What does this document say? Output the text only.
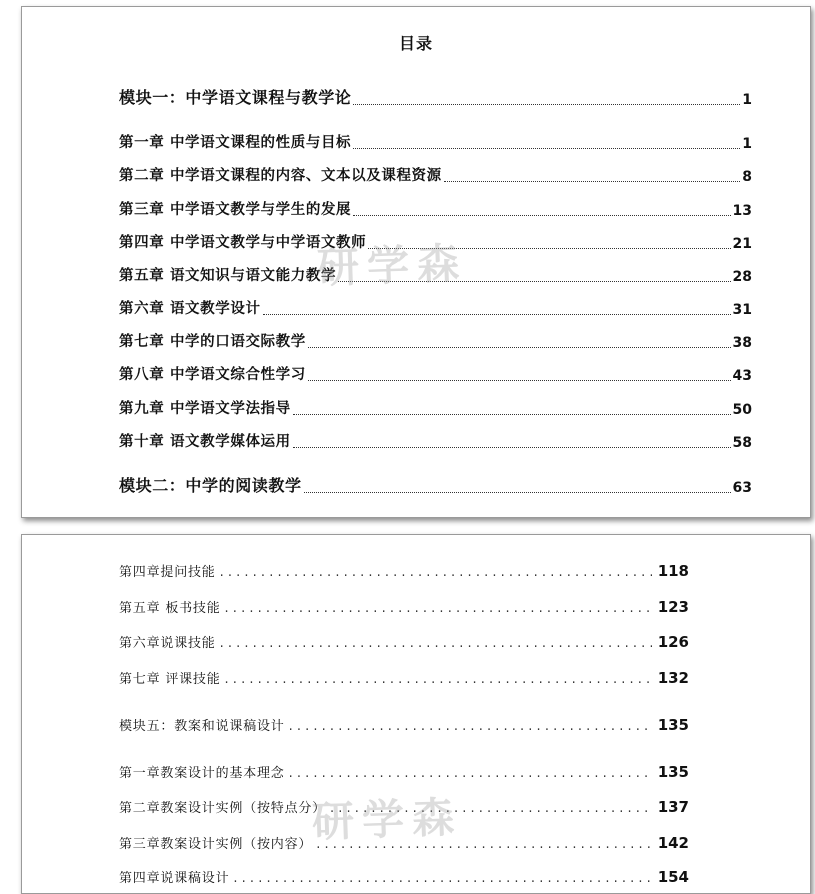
目录
模块一：中学语文课程与教学论	1
第一章 中学语文课程的性质与目标	1
第二章 中学语文课程的内容、文本以及课程资源	8
第三章 中学语文教学与学生的发展	13
第四章 中学语文教学与中学语文教师	21
第五章 语文知识与语文能力教学	28
第六章 语文教学设计	31
第七章 中学的口语交际教学	38
第八章 中学语文综合性学习	43
第九章 中学语文学法指导	50
第十章 语文教学媒体运用	58
模块二：中学的阅读教学	63
研学森
第四章提问技能 . . .	118
第五章 板书技能 . . .	123
第六章说课技能 . . .	126
第七章 评课技能 . . .	132
模块五：教案和说课稿设计 . . .	135
第一章教案设计的基本理念 . . .	135
第二章教案设计实例（按特点分） . . .	137
第三章教案设计实例（按内容） . . .	142
第四章说课稿设计 . . .	154
研学森
